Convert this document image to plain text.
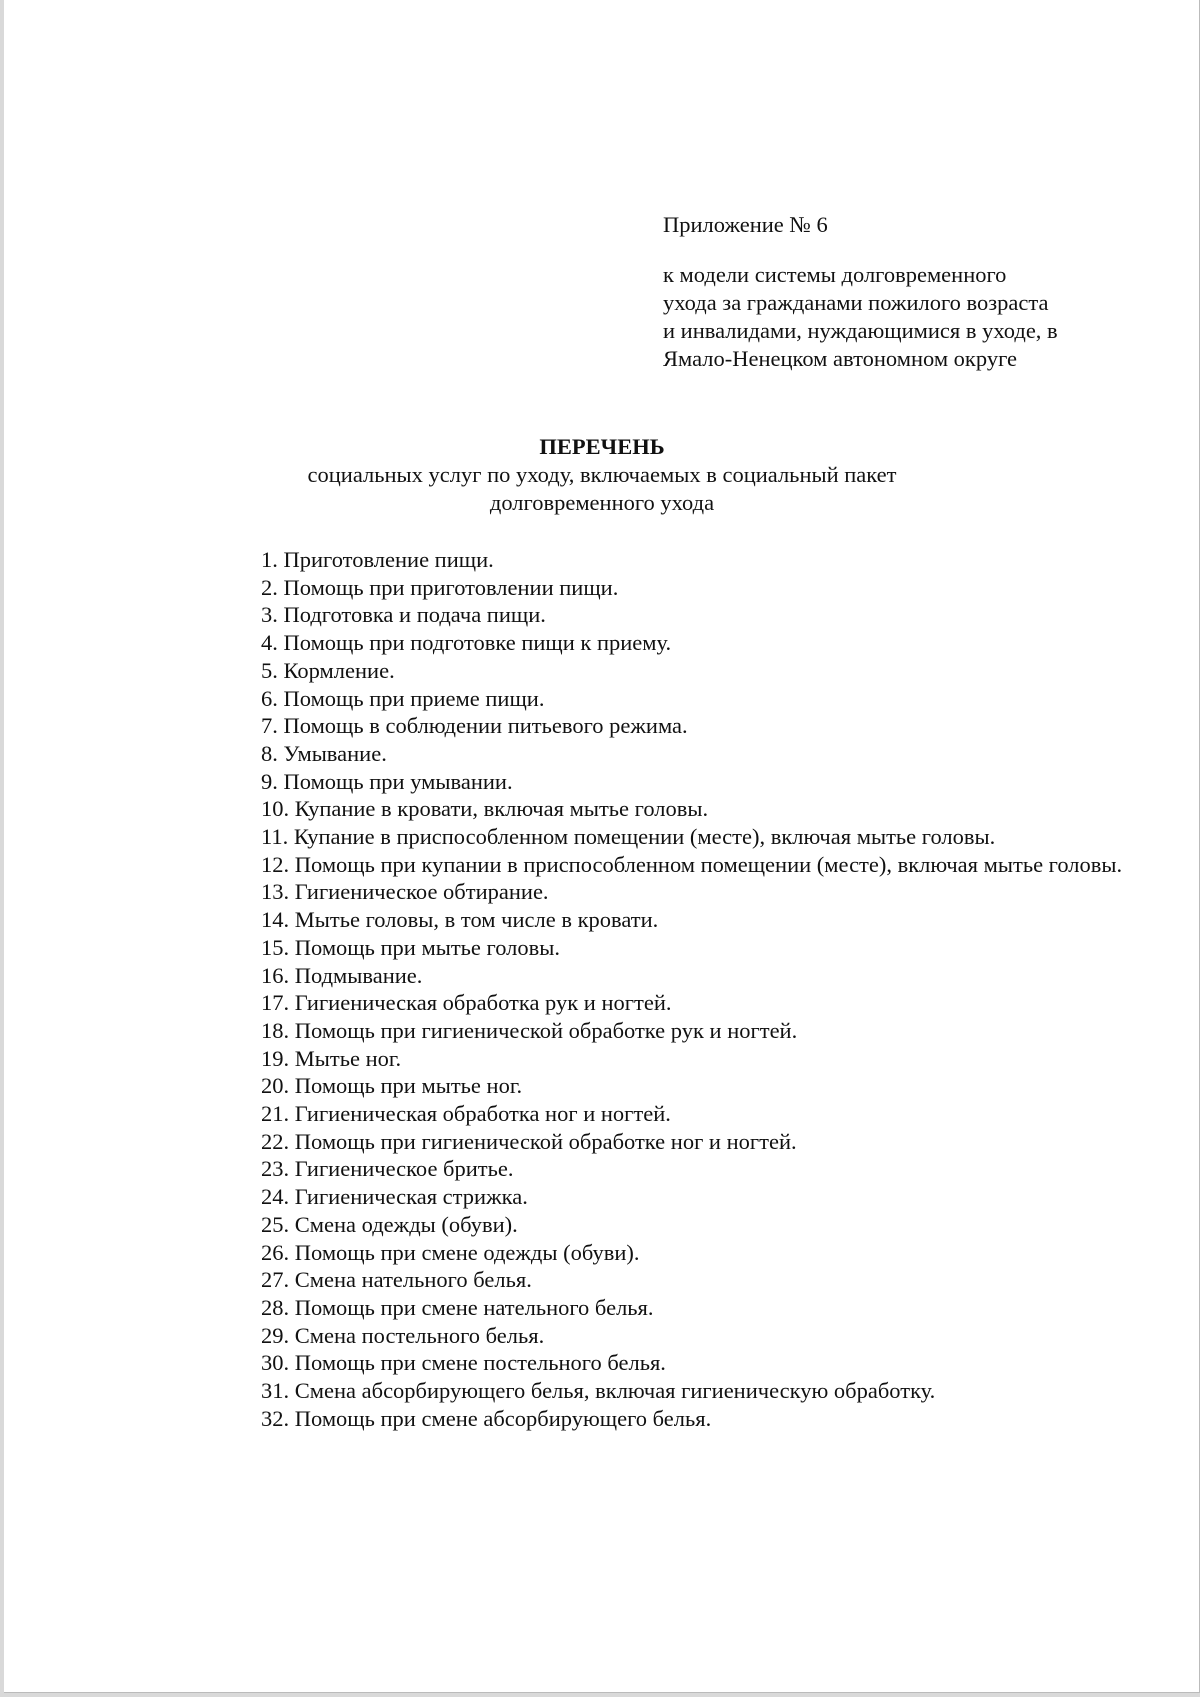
Приложение № 6
к модели системы долговременного
ухода за гражданами пожилого возраста
и инвалидами, нуждающимися в уходе, в
Ямало-Ненецком автономном округе
ПЕРЕЧЕНЬ
социальных услуг по уходу, включаемых в социальный пакет
долговременного ухода
1. Приготовление пищи.
2. Помощь при приготовлении пищи.
3. Подготовка и подача пищи.
4. Помощь при подготовке пищи к приему.
5. Кормление.
6. Помощь при приеме пищи.
7. Помощь в соблюдении питьевого режима.
8. Умывание.
9. Помощь при умывании.
10. Купание в кровати, включая мытье головы.
11. Купание в приспособленном помещении (месте), включая мытье головы.
12. Помощь при купании в приспособленном помещении (месте), включая мытье головы.
13. Гигиеническое обтирание.
14. Мытье головы, в том числе в кровати.
15. Помощь при мытье головы.
16. Подмывание.
17. Гигиеническая обработка рук и ногтей.
18. Помощь при гигиенической обработке рук и ногтей.
19. Мытье ног.
20. Помощь при мытье ног.
21. Гигиеническая обработка ног и ногтей.
22. Помощь при гигиенической обработке ног и ногтей.
23. Гигиеническое бритье.
24. Гигиеническая стрижка.
25. Смена одежды (обуви).
26. Помощь при смене одежды (обуви).
27. Смена нательного белья.
28. Помощь при смене нательного белья.
29. Смена постельного белья.
30. Помощь при смене постельного белья.
31. Смена абсорбирующего белья, включая гигиеническую обработку.
32. Помощь при смене абсорбирующего белья.
